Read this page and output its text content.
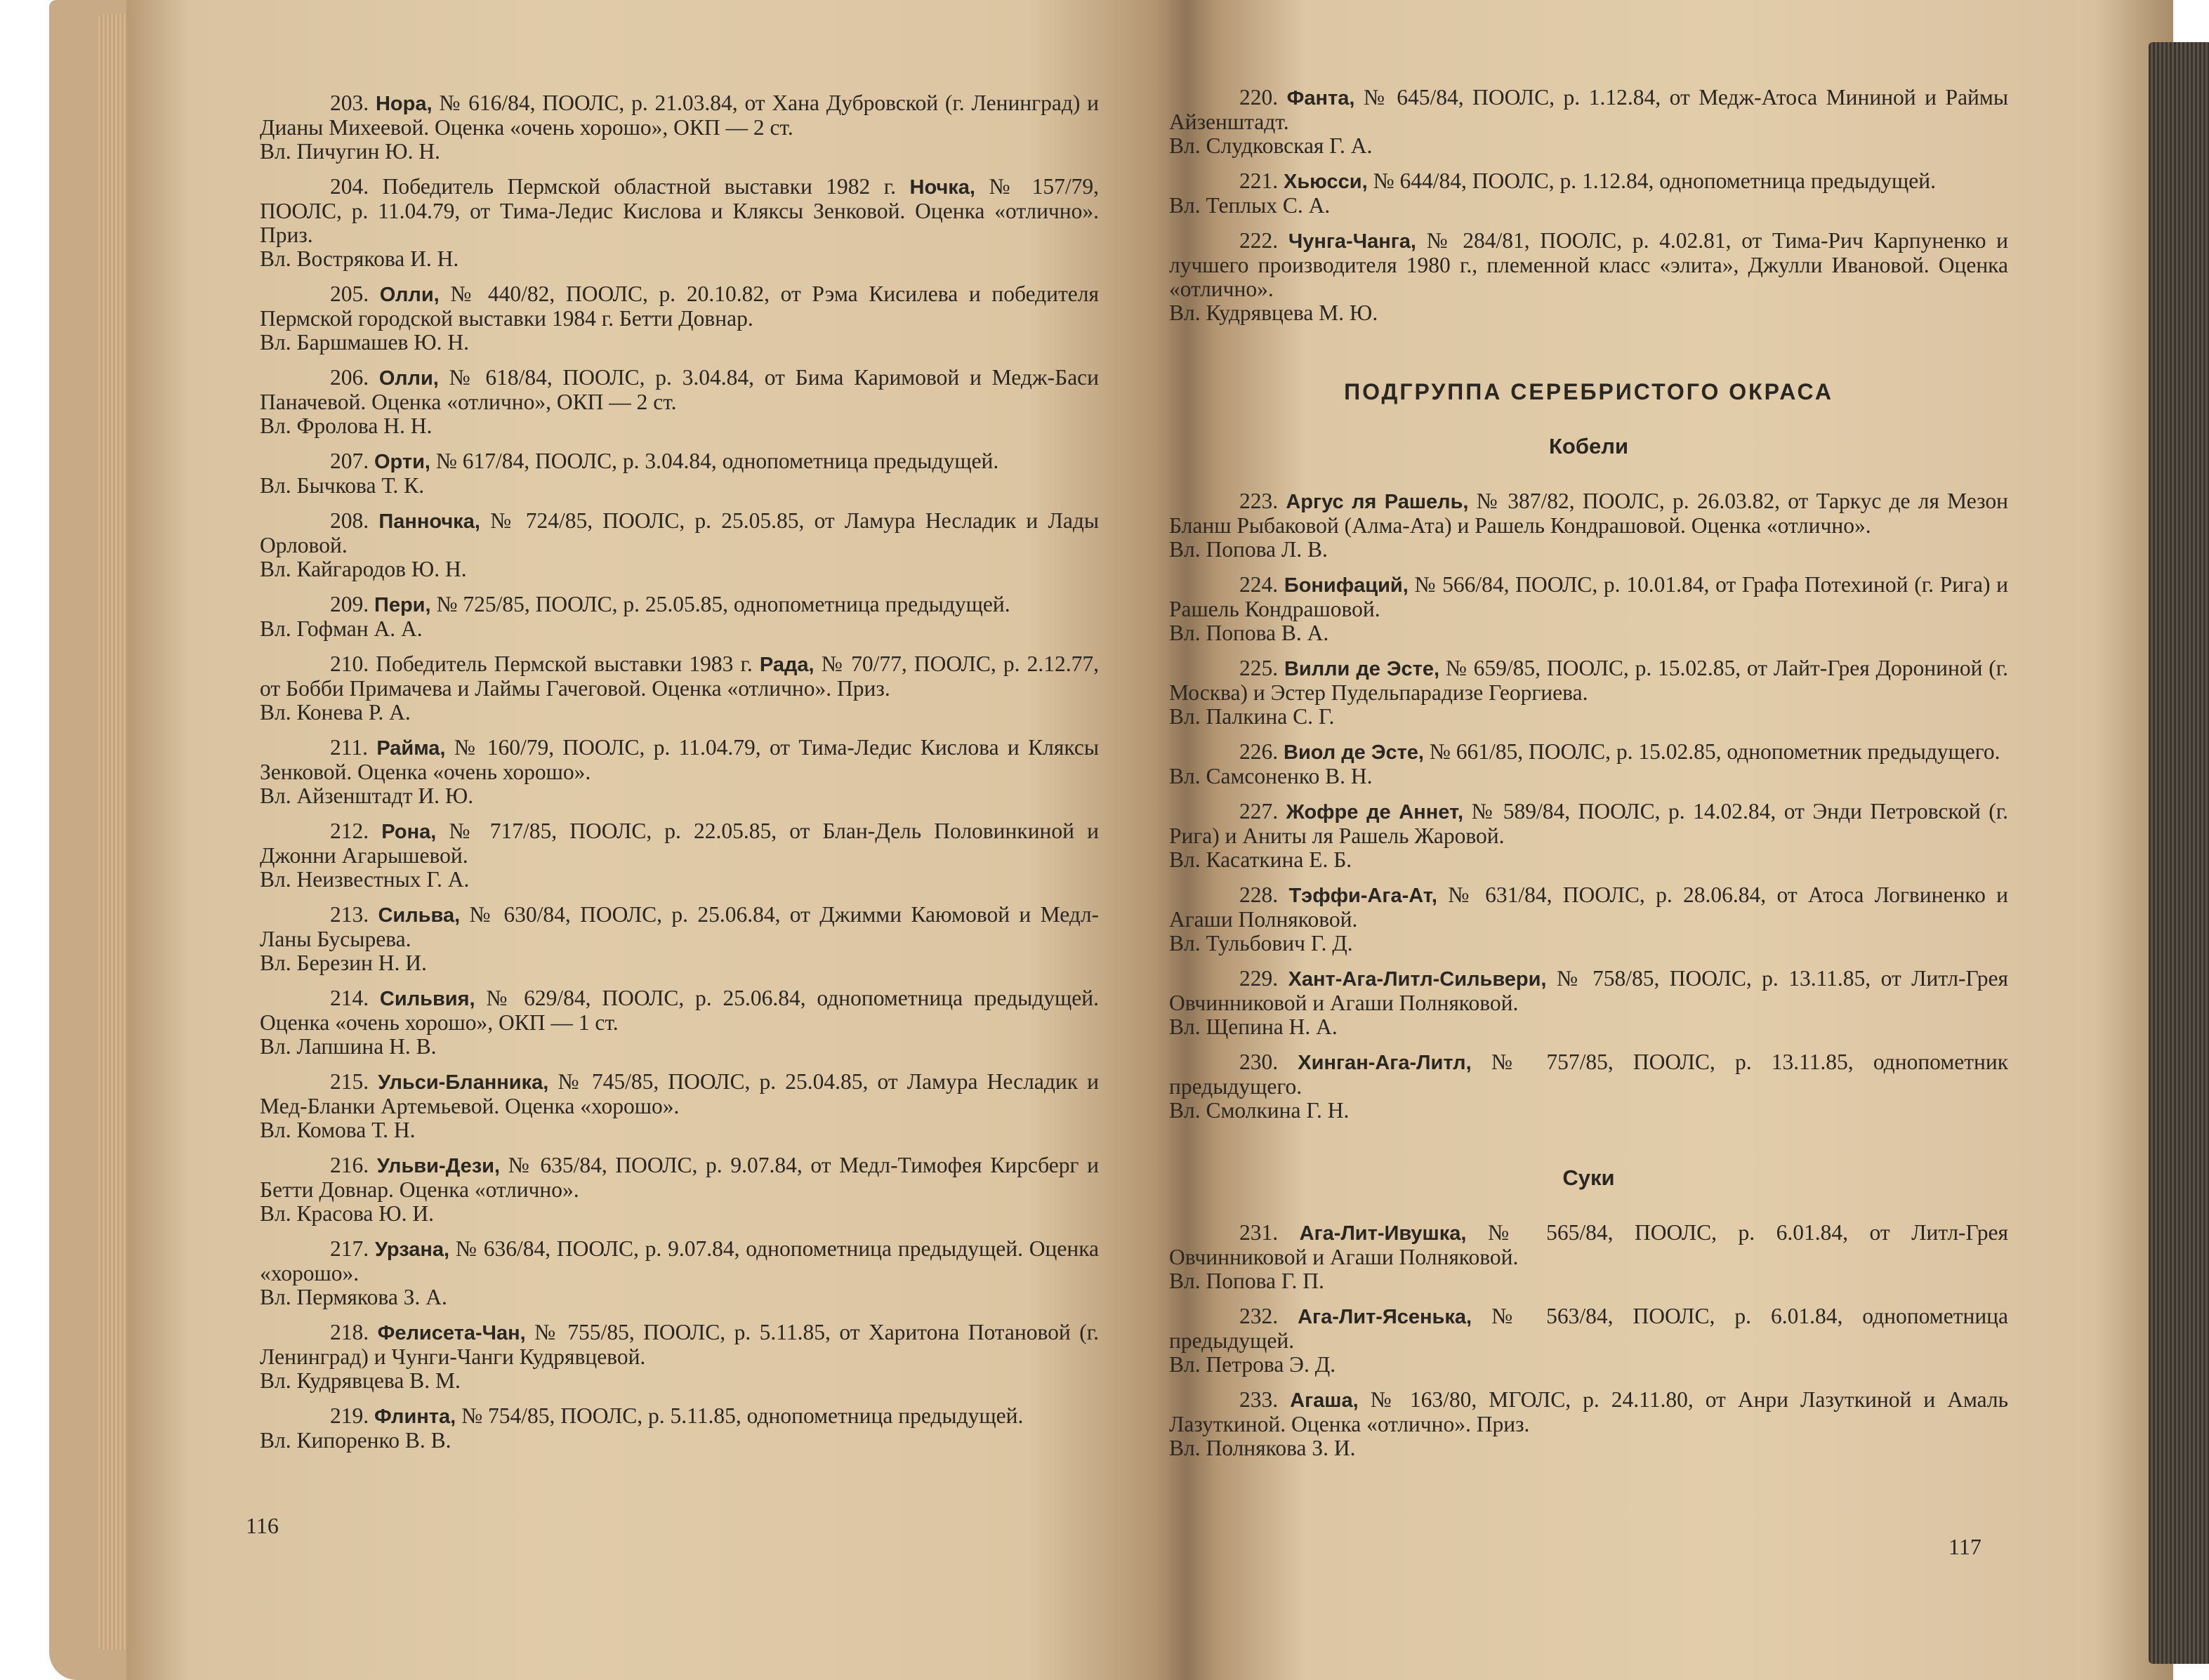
203. Нора, № 616/84, ПООЛС, р. 21.03.84, от Хана Дубровской (г. Ленинград) и Дианы Михеевой. Оценка «очень хорошо», ОКП — 2 ст.

Вл. Пичугин Ю. Н.

204. Победитель Пермской областной выставки 1982 г. Ночка, № 157/79, ПООЛС, р. 11.04.79, от Тима-Ледис Кислова и Кляксы Зенковой. Оценка «отлично». Приз.

Вл. Вострякова И. Н.

205. Олли, № 440/82, ПООЛС, р. 20.10.82, от Рэма Кисилева и победителя Пермской городской выставки 1984 г. Бетти Довнар.

Вл. Баршмашев Ю. Н.

206. Олли, № 618/84, ПООЛС, р. 3.04.84, от Бима Каримовой и Медж-Баси Паначевой. Оценка «отлично», ОКП — 2 ст.

Вл. Фролова Н. Н.

207. Орти, № 617/84, ПООЛС, р. 3.04.84, однопометница предыдущей.

Вл. Бычкова Т. К.

208. Панночка, № 724/85, ПООЛС, р. 25.05.85, от Ламура Несладик и Лады Орловой.

Вл. Кайгародов Ю. Н.

209. Пери, № 725/85, ПООЛС, р. 25.05.85, однопометница предыдущей.

Вл. Гофман А. А.

210. Победитель Пермской выставки 1983 г. Рада, № 70/77, ПООЛС, р. 2.12.77, от Бобби Примачева и Лаймы Гачеговой. Оценка «отлично». Приз.

Вл. Конева Р. А.

211. Райма, № 160/79, ПООЛС, р. 11.04.79, от Тима-Ледис Кислова и Кляксы Зенковой. Оценка «очень хорошо».

Вл. Айзенштадт И. Ю.

212. Рона, № 717/85, ПООЛС, р. 22.05.85, от Блан-Дель Половинкиной и Джонни Агарышевой.

Вл. Неизвестных Г. А.

213. Сильва, № 630/84, ПООЛС, р. 25.06.84, от Джимми Каюмовой и Медл-Ланы Бусырева.

Вл. Березин Н. И.

214. Сильвия, № 629/84, ПООЛС, р. 25.06.84, однопометница предыдущей. Оценка «очень хорошо», ОКП — 1 ст.

Вл. Лапшина Н. В.

215. Ульси-Бланника, № 745/85, ПООЛС, р. 25.04.85, от Ламура Несладик и Мед-Бланки Артемьевой. Оценка «хорошо».

Вл. Комова Т. Н.

216. Ульви-Дези, № 635/84, ПООЛС, р. 9.07.84, от Медл-Тимофея Кирсберг и Бетти Довнар. Оценка «отлично».

Вл. Красова Ю. И.

217. Урзана, № 636/84, ПООЛС, р. 9.07.84, однопометница предыдущей. Оценка «хорошо».

Вл. Пермякова З. А.

218. Фелисета-Чан, № 755/85, ПООЛС, р. 5.11.85, от Харитона Потановой (г. Ленинград) и Чунги-Чанги Кудрявцевой.

Вл. Кудрявцева В. М.

219. Флинта, № 754/85, ПООЛС, р. 5.11.85, однопометница предыдущей.

Вл. Кипоренко В. В.

116

220. Фанта, № 645/84, ПООЛС, р. 1.12.84, от Медж-Атоса Мининой и Раймы Айзенштадт.

Вл. Слудковская Г. А.

221. Хьюсси, № 644/84, ПООЛС, р. 1.12.84, однопометница предыдущей.

Вл. Теплых С. А.

222. Чунга-Чанга, № 284/81, ПООЛС, р. 4.02.81, от Тима-Рич Карпуненко и лучшего производителя 1980 г., племенной класс «элита», Джулли Ивановой. Оценка «отлично».

Вл. Кудрявцева М. Ю.

ПОДГРУППА СЕРЕБРИСТОГО ОКРАСА
Кобели

223. Аргус ля Рашель, № 387/82, ПООЛС, р. 26.03.82, от Таркус де ля Мезон Бланш Рыбаковой (Алма-Ата) и Рашель Кондрашовой. Оценка «отлично».

Вл. Попова Л. В.

224. Бонифаций, № 566/84, ПООЛС, р. 10.01.84, от Графа Потехиной (г. Рига) и Рашель Кондрашовой.

Вл. Попова В. А.

225. Вилли де Эсте, № 659/85, ПООЛС, р. 15.02.85, от Лайт-Грея Дорониной (г. Москва) и Эстер Пудельпарадизе Георгиева.

Вл. Палкина С. Г.

226. Виол де Эсте, № 661/85, ПООЛС, р. 15.02.85, однопометник предыдущего.

Вл. Самсоненко В. Н.

227. Жофре де Аннет, № 589/84, ПООЛС, р. 14.02.84, от Энди Петровской (г. Рига) и Аниты ля Рашель Жаровой.

Вл. Касаткина Е. Б.

228. Тэффи-Ага-Ат, № 631/84, ПООЛС, р. 28.06.84, от Атоса Логвиненко и Агаши Полняковой.

Вл. Тульбович Г. Д.

229. Хант-Ага-Литл-Сильвери, № 758/85, ПООЛС, р. 13.11.85, от Литл-Грея Овчинниковой и Агаши Полняковой.

Вл. Щепина Н. А.

230. Хинган-Ага-Литл, № 757/85, ПООЛС, р. 13.11.85, однопометник предыдущего.

Вл. Смолкина Г. Н.

Суки

231. Ага-Лит-Ивушка, № 565/84, ПООЛС, р. 6.01.84, от Литл-Грея Овчинниковой и Агаши Полняковой.

Вл. Попова Г. П.

232. Ага-Лит-Ясенька, № 563/84, ПООЛС, р. 6.01.84, однопометница предыдущей.

Вл. Петрова Э. Д.

233. Агаша, № 163/80, МГОЛС, р. 24.11.80, от Анри Лазуткиной и Амаль Лазуткиной. Оценка «отлично». Приз.

Вл. Полнякова З. И.

117
